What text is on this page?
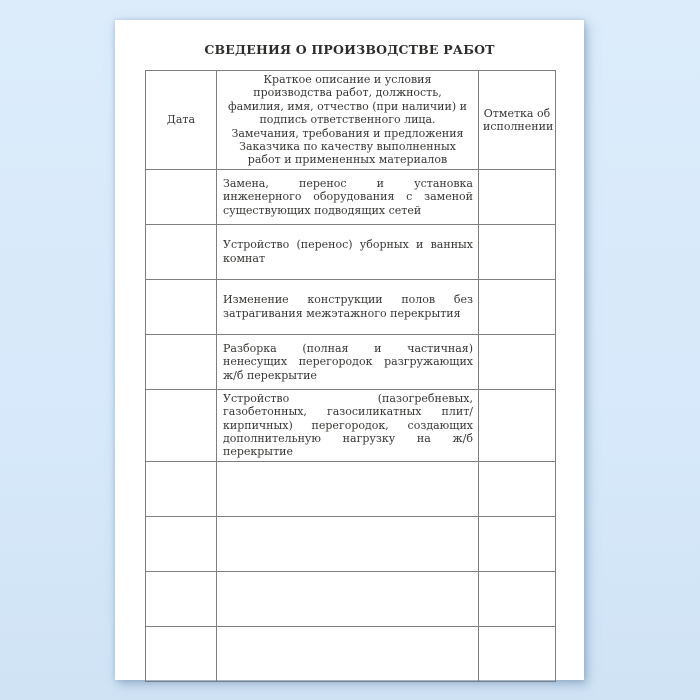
СВЕДЕНИЯ О ПРОИЗВОДСТВЕ РАБОТ
Дата	Краткое описание и условия производства работ, должность, фамилия, имя, отчество (при наличии) и подпись ответственного лица. Замечания, требования и предложения Заказчика по качеству выполненных работ и примененных материалов	Отметка об исполнении
	Замена, перенос и установка инженерного оборудования с заменой существующих подводящих сетей	
	Устройство (перенос) уборных и ванных комнат	
	Изменение конструкции полов без затрагивания межэтажного перекрытия	
	Разборка (полная и частичная) ненесущих перегородок разгружающих ж/б перекрытие	
	Устройство (пазогребневых, газобетонных, газосиликатных плит/кирпичных) перегородок, создающих дополнительную нагрузку на ж/б перекрытие	
